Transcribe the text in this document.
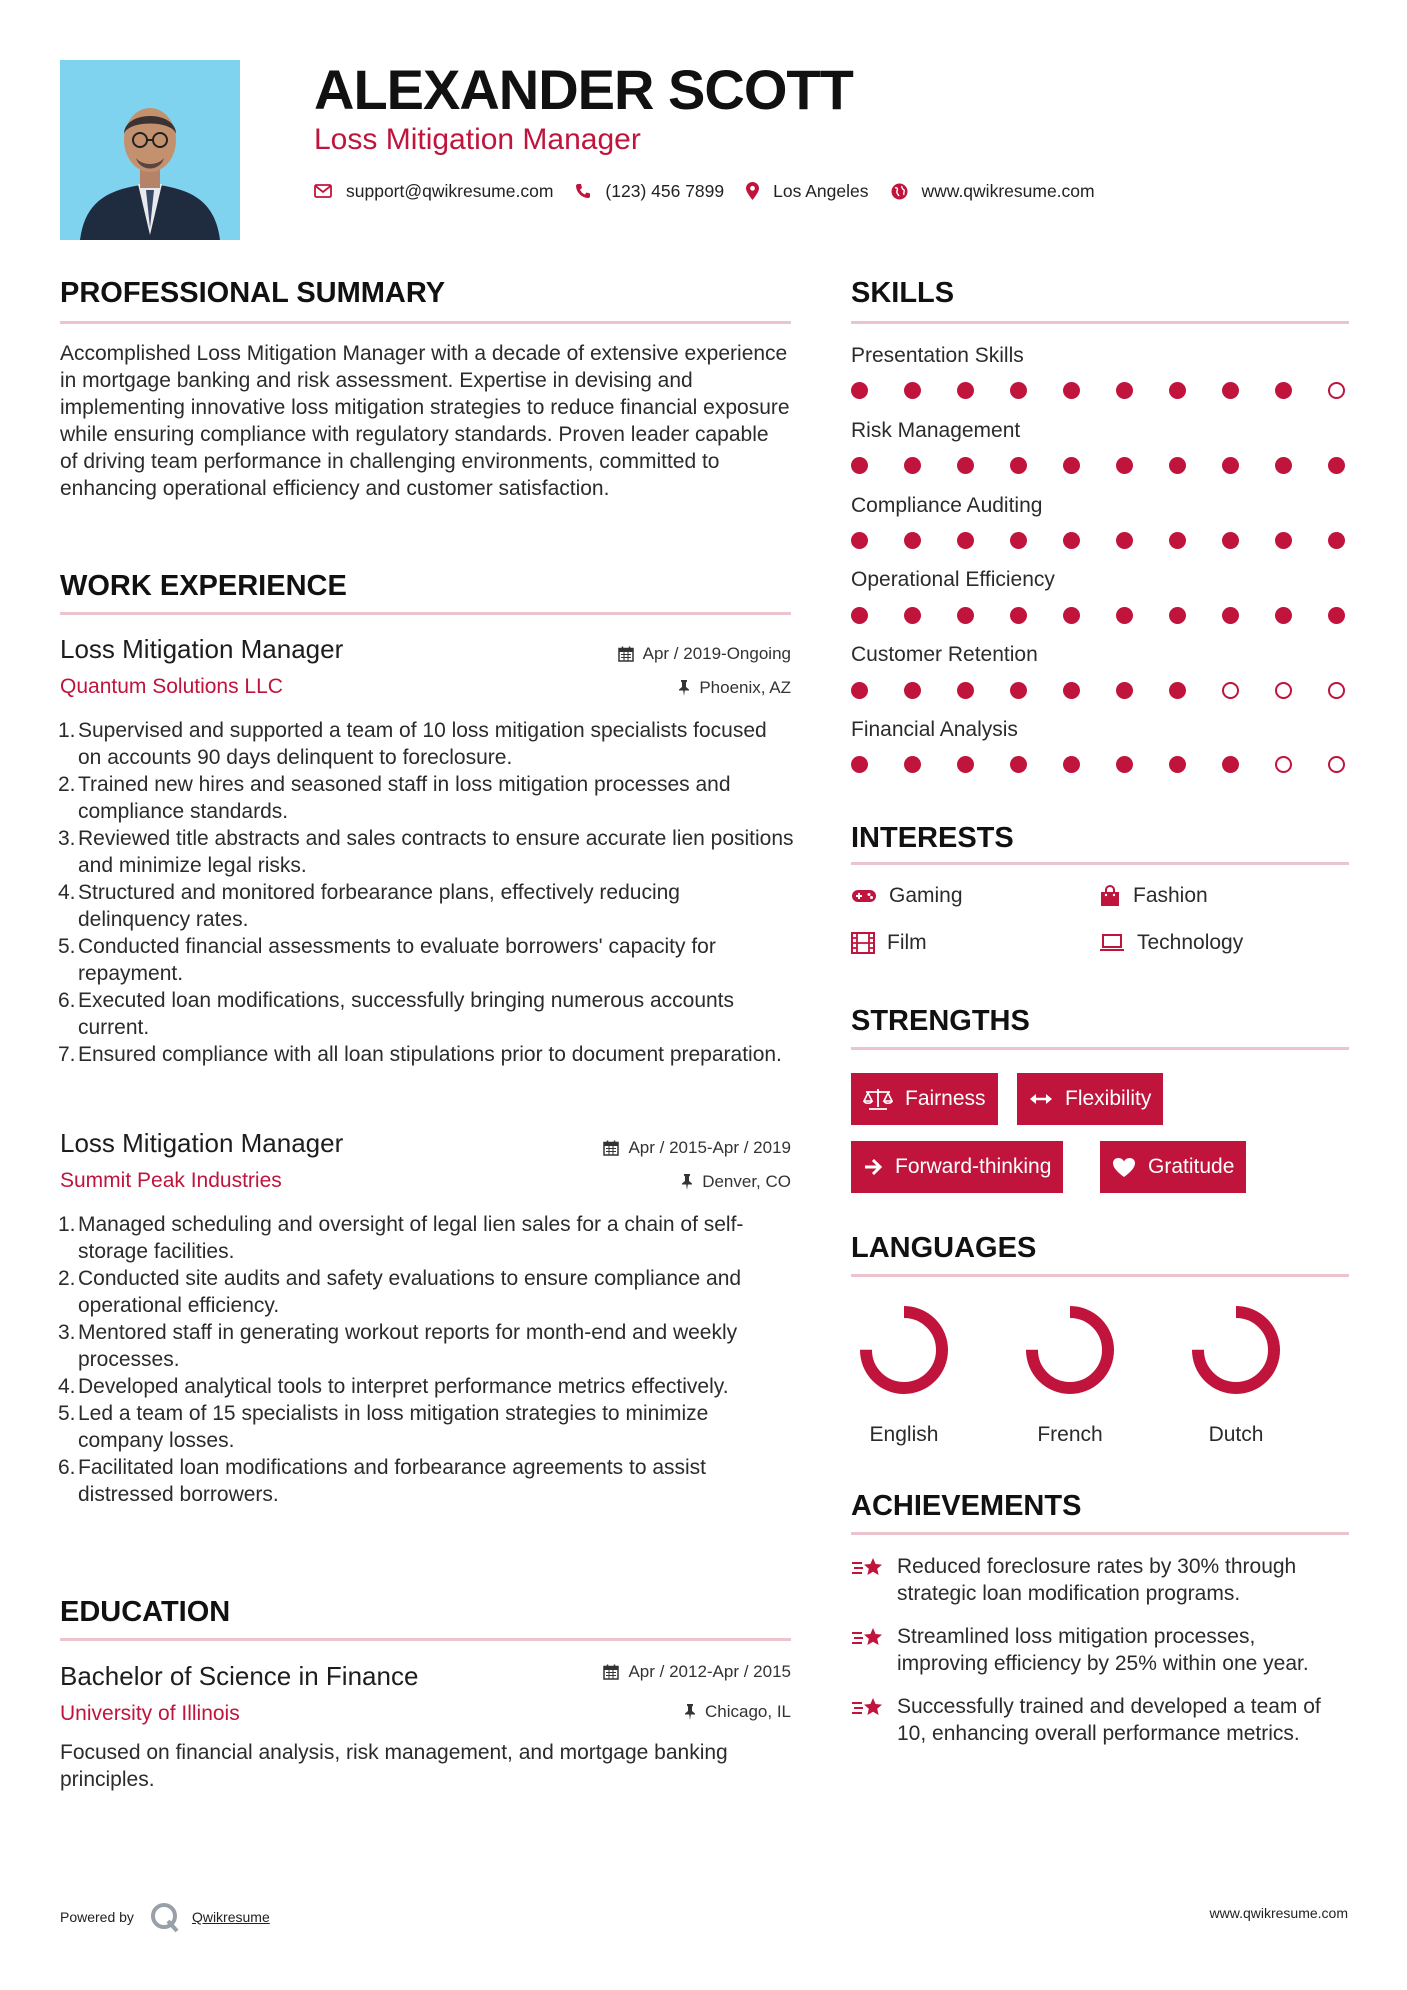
ALEXANDER SCOTT
Loss Mitigation Manager
support@qwikresume.com	(123) 456 7899	Los Angeles	www.qwikresume.com
PROFESSIONAL SUMMARY
Accomplished Loss Mitigation Manager with a decade of extensive experience in mortgage banking and risk assessment. Expertise in devising and implementing innovative loss mitigation strategies to reduce financial exposure while ensuring compliance with regulatory standards. Proven leader capable of driving team performance in challenging environments, committed to enhancing operational efficiency and customer satisfaction.
WORK EXPERIENCE
Loss Mitigation Manager	Apr / 2019-Ongoing
Quantum Solutions LLC	Phoenix, AZ
1. Supervised and supported a team of 10 loss mitigation specialists focused on accounts 90 days delinquent to foreclosure.
2. Trained new hires and seasoned staff in loss mitigation processes and compliance standards.
3. Reviewed title abstracts and sales contracts to ensure accurate lien positions and minimize legal risks.
4. Structured and monitored forbearance plans, effectively reducing delinquency rates.
5. Conducted financial assessments to evaluate borrowers' capacity for repayment.
6. Executed loan modifications, successfully bringing numerous accounts current.
7. Ensured compliance with all loan stipulations prior to document preparation.
Loss Mitigation Manager	Apr / 2015-Apr / 2019
Summit Peak Industries	Denver, CO
1. Managed scheduling and oversight of legal lien sales for a chain of self-storage facilities.
2. Conducted site audits and safety evaluations to ensure compliance and operational efficiency.
3. Mentored staff in generating workout reports for month-end and weekly processes.
4. Developed analytical tools to interpret performance metrics effectively.
5. Led a team of 15 specialists in loss mitigation strategies to minimize company losses.
6. Facilitated loan modifications and forbearance agreements to assist distressed borrowers.
EDUCATION
Bachelor of Science in Finance	Apr / 2012-Apr / 2015
University of Illinois	Chicago, IL
Focused on financial analysis, risk management, and mortgage banking principles.
SKILLS
Presentation Skills
Risk Management
Compliance Auditing
Operational Efficiency
Customer Retention
Financial Analysis
INTERESTS
Gaming	Fashion
Film	Technology
STRENGTHS
Fairness	Flexibility
Forward-thinking	Gratitude
LANGUAGES
English	French	Dutch
ACHIEVEMENTS
Reduced foreclosure rates by 30% through strategic loan modification programs.
Streamlined loss mitigation processes, improving efficiency by 25% within one year.
Successfully trained and developed a team of 10, enhancing overall performance metrics.
Powered by	Qwikresume	www.qwikresume.com
